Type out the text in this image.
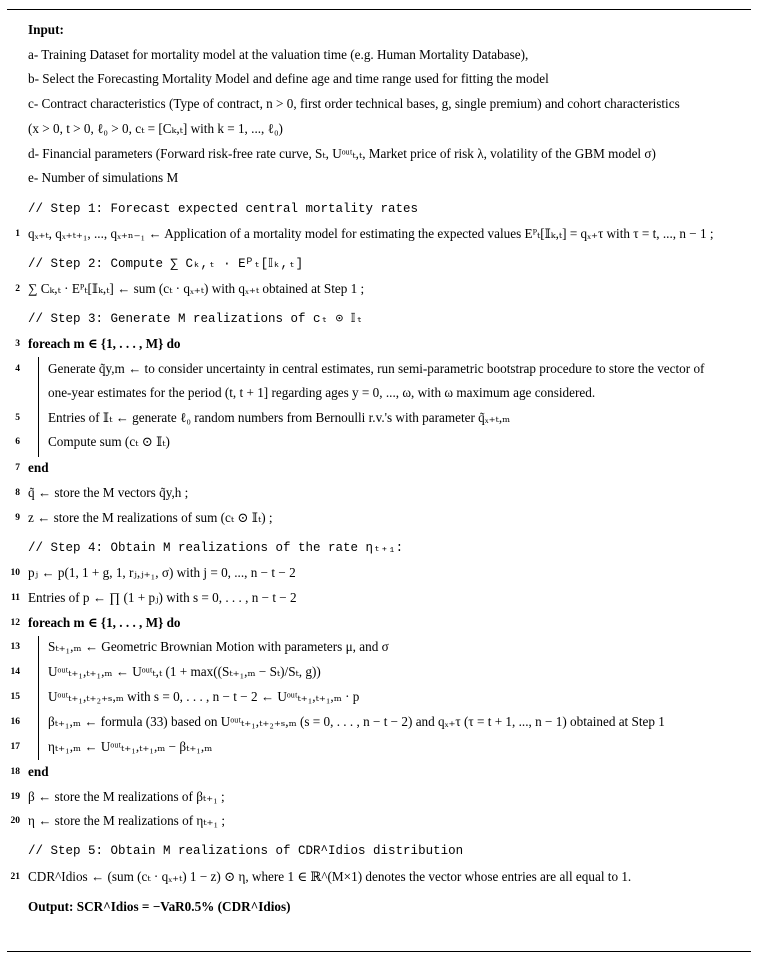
Input:
a- Training Dataset for mortality model at the valuation time (e.g. Human Mortality Database),
b- Select the Forecasting Mortality Model and define age and time range used for fitting the model
c- Contract characteristics (Type of contract, n > 0, first order technical bases, g, single premium) and cohort characteristics
(x > 0, t > 0, ℓ₀ > 0, cₜ = [Cₖ,ₜ] with k = 1, ..., ℓ₀)
d- Financial parameters (Forward risk-free rate curve, Sₜ, Uᵒᵘᵗₜ,ₜ, Market price of risk λ, volatility of the GBM model σ)
e- Number of simulations M
// Step 1: Forecast expected central mortality rates
1 qₓ₊ₜ, qₓ₊ₜ₊₁, ..., qₓ₊ₙ₋₁ ← Application of a mortality model for estimating the expected values Eᴾₜ[𝕀ₖ,ₜ] = qₓ₊τ with τ = t, ..., n − 1 ;
// Step 2: Compute ∑ Cₖ,ₜ · Eᴾₜ[𝕀ₖ,ₜ]
2 ∑ Cₖ,ₜ · Eᴾₜ[𝕀ₖ,ₜ] ← sum (cₜ · qₓ₊ₜ) with qₓ₊ₜ obtained at Step 1 ;
// Step 3: Generate M realizations of cₜ ⊙ 𝕀ₜ
3 foreach m ∈ {1, . . . , M} do
4 Generate q̃y,m ← to consider uncertainty in central estimates, run semi-parametric bootstrap procedure to store the vector of
one-year estimates for the period (t, t + 1] regarding ages y = 0, ..., ω, with ω maximum age considered.
5 Entries of 𝕀ₜ ← generate ℓ₀ random numbers from Bernoulli r.v.'s with parameter q̃ₓ₊ₜ,ₘ
6 Compute sum (cₜ ⊙ 𝕀ₜ)
7 end
8 q̃ ← store the M vectors q̃y,h ;
9 z ← store the M realizations of sum (cₜ ⊙ 𝕀ₜ) ;
// Step 4: Obtain M realizations of the rate ηₜ₊₁:
10 pⱼ ← p(1, 1 + g, 1, rⱼ,ⱼ₊₁, σ) with j = 0, ..., n − t − 2
11 Entries of p ← ∏ (1 + pⱼ) with s = 0, . . . , n − t − 2
12 foreach m ∈ {1, . . . , M} do
13 Sₜ₊₁,ₘ ← Geometric Brownian Motion with parameters μ, and σ
14 Uᵒᵘᵗₜ₊₁,ₜ₊₁,ₘ ← Uᵒᵘᵗₜ,ₜ (1 + max((Sₜ₊₁,ₘ − Sₜ)/Sₜ, g))
15 Uᵒᵘᵗₜ₊₁,ₜ₊₂₊ₛ,ₘ with s = 0, . . . , n − t − 2 ← Uᵒᵘᵗₜ₊₁,ₜ₊₁,ₘ · p
16 βₜ₊₁,ₘ ← formula (33) based on Uᵒᵘᵗₜ₊₁,ₜ₊₂₊ₛ,ₘ (s = 0, . . . , n − t − 2) and qₓ₊τ (τ = t + 1, ..., n − 1) obtained at Step 1
17 ηₜ₊₁,ₘ ← Uᵒᵘᵗₜ₊₁,ₜ₊₁,ₘ − βₜ₊₁,ₘ
18 end
19 β ← store the M realizations of βₜ₊₁ ;
20 η ← store the M realizations of ηₜ₊₁ ;
// Step 5: Obtain M realizations of CDR^Idios distribution
21 CDR^Idios ← (sum (cₜ · qₓ₊ₜ) 1 − z) ⊙ η, where 1 ∈ ℝ^(M×1) denotes the vector whose entries are all equal to 1.
Output: SCR^Idios = −VaR0.5% (CDR^Idios)
